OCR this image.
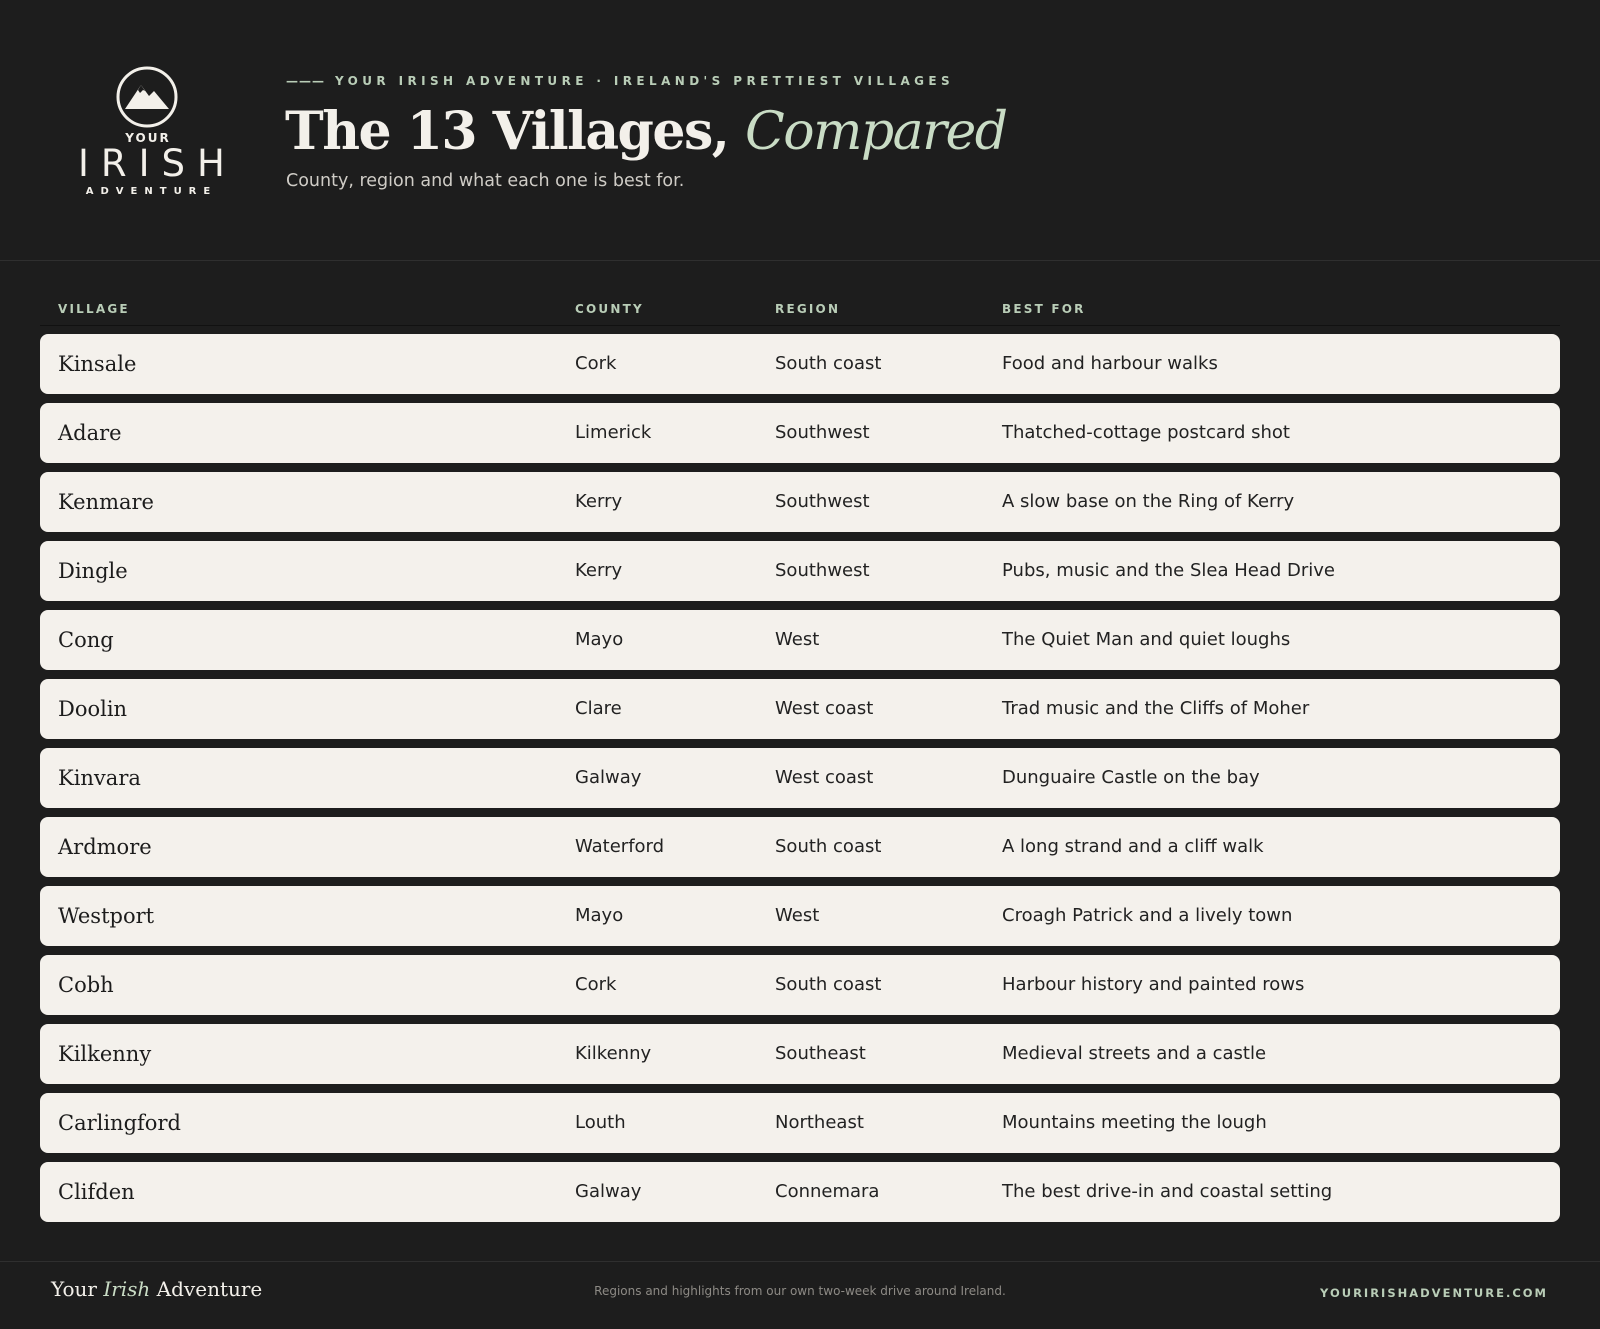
YOUR
IRISH
ADVENTURE
——— YOUR IRISH ADVENTURE · IRELAND'S PRETTIEST VILLAGES
The 13 Villages, Compared
County, region and what each one is best for.
VILLAGE	COUNTY	REGION	BEST FOR
Kinsale	Cork	South coast	Food and harbour walks
Adare	Limerick	Southwest	Thatched-cottage postcard shot
Kenmare	Kerry	Southwest	A slow base on the Ring of Kerry
Dingle	Kerry	Southwest	Pubs, music and the Slea Head Drive
Cong	Mayo	West	The Quiet Man and quiet loughs
Doolin	Clare	West coast	Trad music and the Cliffs of Moher
Kinvara	Galway	West coast	Dunguaire Castle on the bay
Ardmore	Waterford	South coast	A long strand and a cliff walk
Westport	Mayo	West	Croagh Patrick and a lively town
Cobh	Cork	South coast	Harbour history and painted rows
Kilkenny	Kilkenny	Southeast	Medieval streets and a castle
Carlingford	Louth	Northeast	Mountains meeting the lough
Clifden	Galway	Connemara	The best drive-in and coastal setting
Your Irish Adventure	Regions and highlights from our own two-week drive around Ireland.	YOURIRISHADVENTURE.COM
